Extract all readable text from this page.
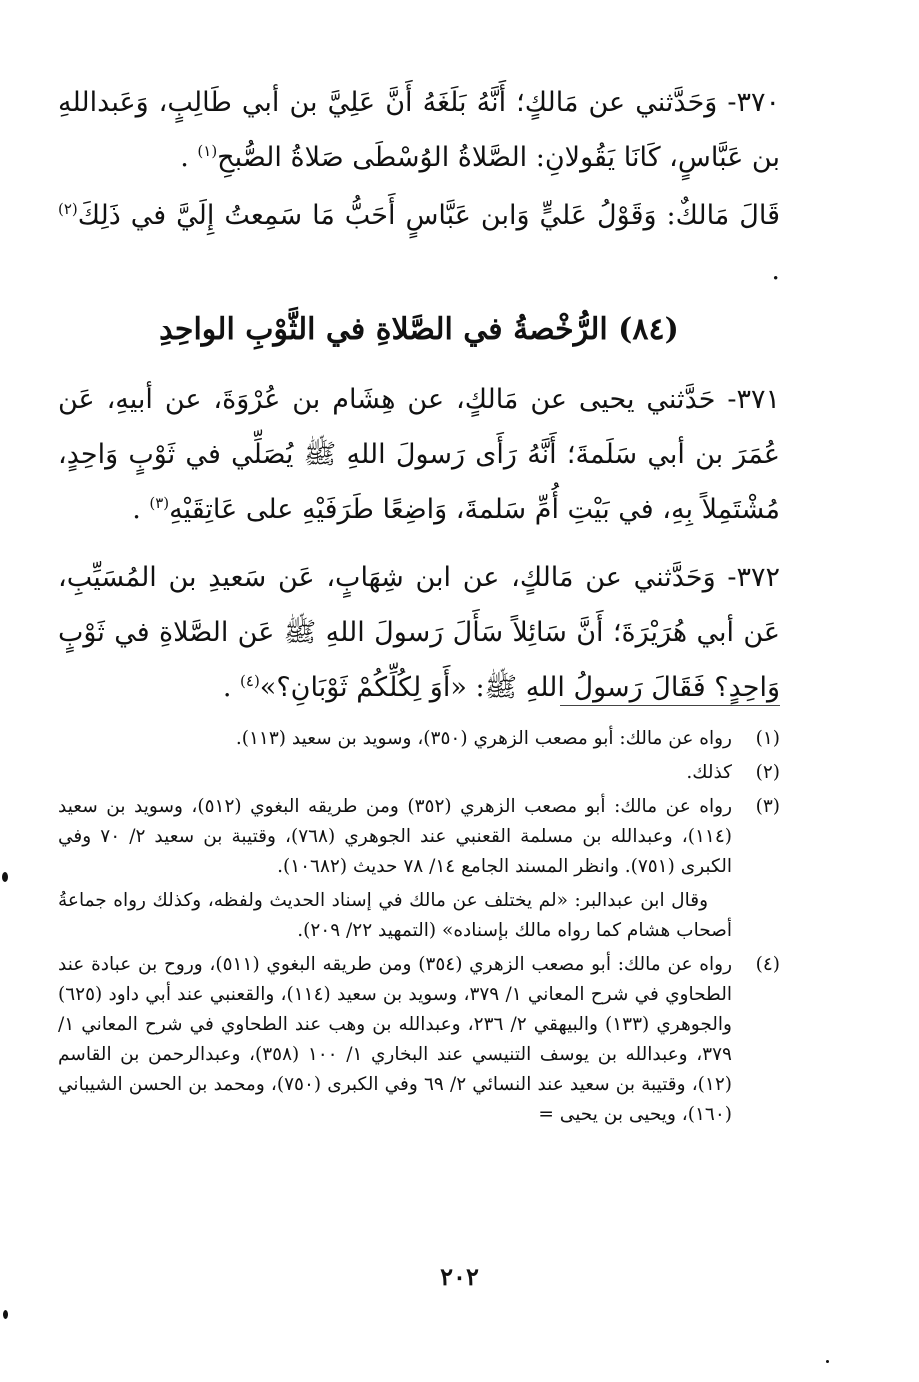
٣٧٠- وَحَدَّثني عن مَالكٍ؛ أَنَّهُ بَلَغَهُ أَنَّ عَلِيَّ بن أبي طَالِبٍ، وَعَبداللهِ بن عَبَّاسٍ، كَانَا يَقُولانِ: الصَّلاةُ الوُسْطَى صَلاةُ الصُّبحِ$^{(١)}$ .

قَالَ مَالكٌ: وَقَوْلُ عَليٍّ وَابن عَبَّاسٍ أَحَبُّ مَا سَمِعتُ إِلَيَّ في ذَلِكَ$^{(٢)}$ .

(٨٤) الرُّخْصةُ في الصَّلاةِ في الثَّوْبِ الواحِدِ

٣٧١- حَدَّثني يحيى عن مَالكٍ، عن هِشَام بن عُرْوَةَ، عن أبيهِ، عَن عُمَرَ بن أبي سَلَمةَ؛ أَنَّهُ رَأَى رَسولَ اللهِ ﷺ يُصَلِّي في ثَوْبٍ وَاحِدٍ، مُشْتَمِلاً بِهِ، في بَيْتِ أُمِّ سَلمةَ، وَاضِعًا طَرَفَيْهِ على عَاتِقَيْهِ$^{(٣)}$ .

٣٧٢- وَحَدَّثني عن مَالكٍ، عن ابن شِهَابٍ، عَن سَعيدِ بن المُسَيِّبِ، عَن أبي هُرَيْرَةَ؛ أَنَّ سَائِلاً سَأَلَ رَسولَ اللهِ ﷺ عَن الصَّلاةِ في ثَوْبٍ وَاحِدٍ؟ فَقَالَ رَسولُ اللهِ ﷺ: «أَوَ لِكُلِّكُمْ ثَوْبَانِ؟»$^{(٤)}$ .

(١)
رواه عن مالك: أبو مصعب الزهري (٣٥٠)، وسويد بن سعيد (١١٣).

(٢)
كذلك.

(٣)
رواه عن مالك: أبو مصعب الزهري (٣٥٢) ومن طريقه البغوي (٥١٢)، وسويد بن سعيد (١١٤)، وعبدالله بن مسلمة القعنبي عند الجوهري (٧٦٨)، وقتيبة بن سعيد ٢/ ٧٠ وفي الكبرى (٧٥١). وانظر المسند الجامع ١٤/ ٧٨ حديث (١٠٦٨٢).

وقال ابن عبدالبر: «لم يختلف عن مالك في إسناد الحديث ولفظه، وكذلك رواه جماعةُ أصحاب هشام كما رواه مالك بإسناده» (التمهيد ٢٢/ ٢٠٩).

(٤)
رواه عن مالك: أبو مصعب الزهري (٣٥٤) ومن طريقه البغوي (٥١١)، وروح بن عبادة عند الطحاوي في شرح المعاني ١/ ٣٧٩، وسويد بن سعيد (١١٤)، والقعنبي عند أبي داود (٦٢٥) والجوهري (١٣٣) والبيهقي ٢/ ٢٣٦، وعبدالله بن وهب عند الطحاوي في شرح المعاني ١/ ٣٧٩، وعبدالله بن يوسف التنيسي عند البخاري ١/ ١٠٠ (٣٥٨)، وعبدالرحمن بن القاسم (١٢)، وقتيبة بن سعيد عند النسائي ٢/ ٦٩ وفي الكبرى (٧٥٠)، ومحمد بن الحسن الشيباني (١٦٠)، ويحيى بن يحيى =

٢٠٢
